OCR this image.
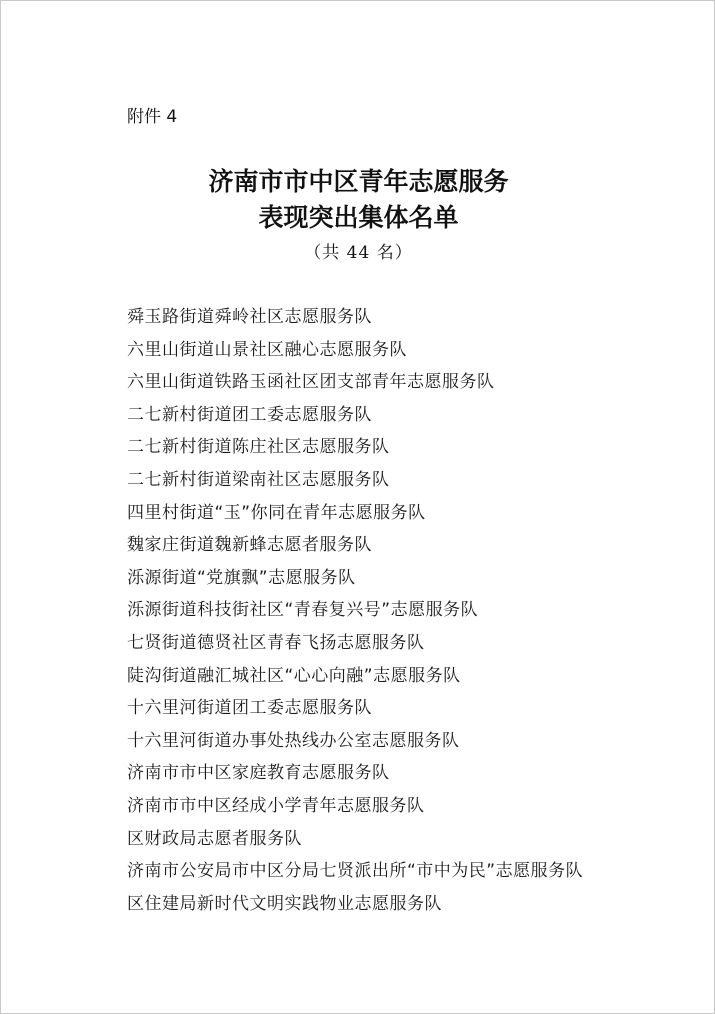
附件 4

济南市市中区青年志愿服务

表现突出集体名单

（共 44 名）

舜玉路街道舜岭社区志愿服务队
六里山街道山景社区融心志愿服务队
六里山街道铁路玉函社区团支部青年志愿服务队
二七新村街道团工委志愿服务队
二七新村街道陈庄社区志愿服务队
二七新村街道梁南社区志愿服务队
四里村街道“玉”你同在青年志愿服务队
魏家庄街道魏新蜂志愿者服务队
泺源街道“党旗飘”志愿服务队
泺源街道科技街社区“青春复兴号”志愿服务队
七贤街道德贤社区青春飞扬志愿服务队
陡沟街道融汇城社区“心心向融”志愿服务队
十六里河街道团工委志愿服务队
十六里河街道办事处热线办公室志愿服务队
济南市市中区家庭教育志愿服务队
济南市市中区经成小学青年志愿服务队
区财政局志愿者服务队
济南市公安局市中区分局七贤派出所“市中为民”志愿服务队
区住建局新时代文明实践物业志愿服务队
